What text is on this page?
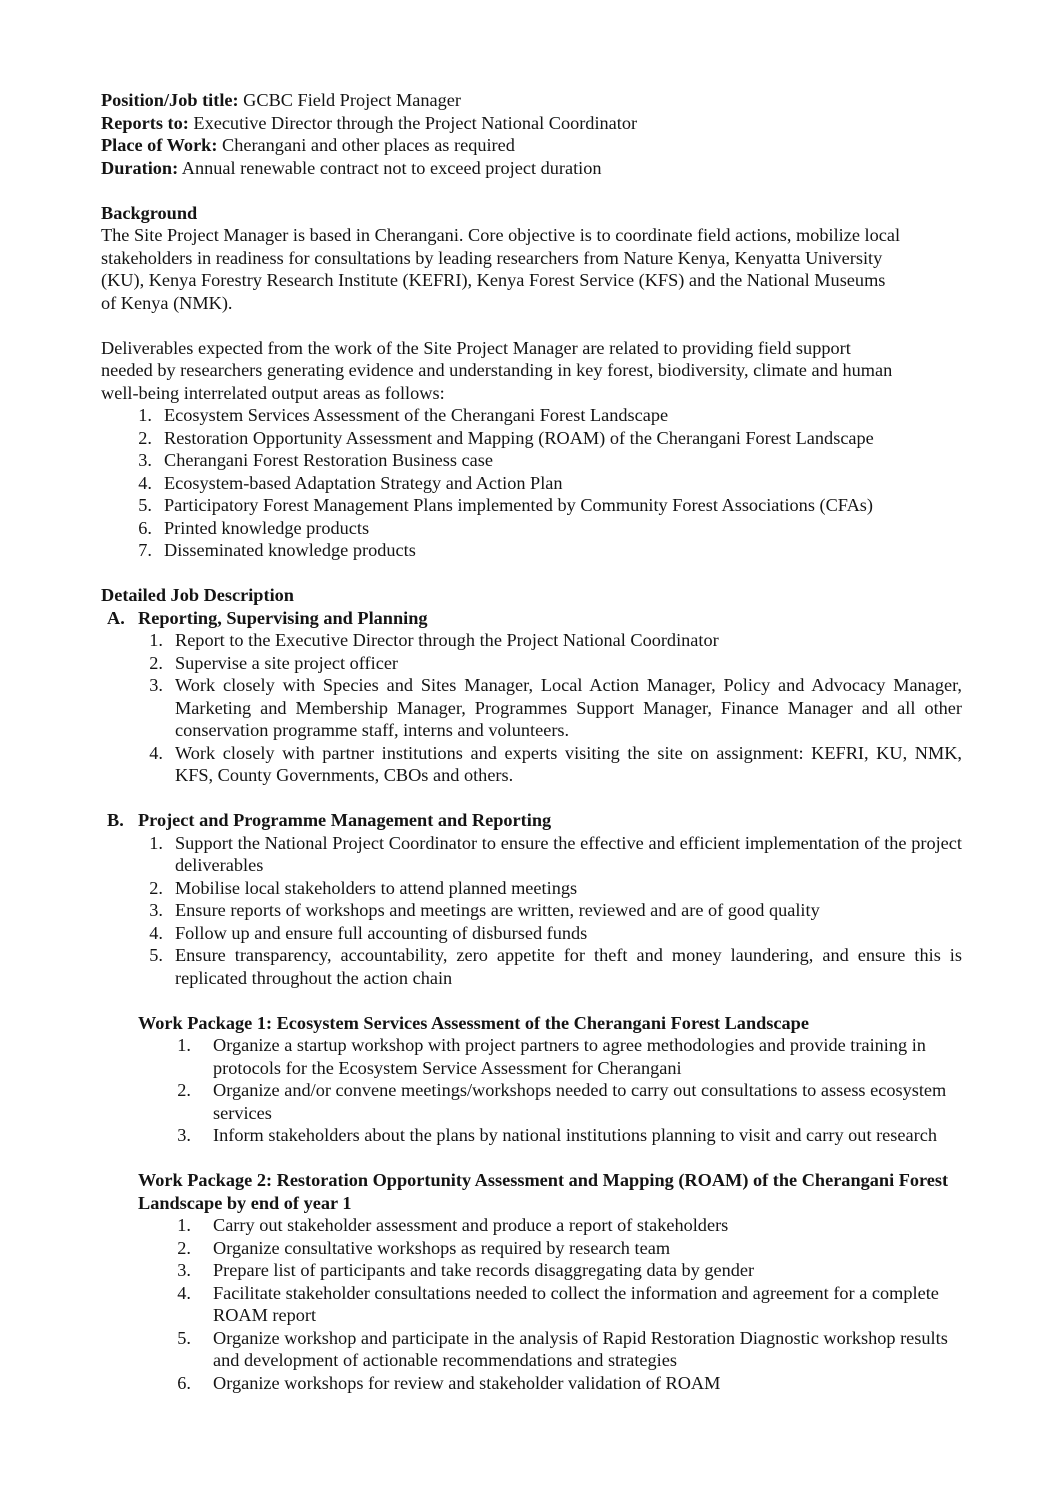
Position/Job title: GCBC Field Project Manager

Reports to: Executive Director through the Project National Coordinator

Place of Work: Cherangani and other places as required

Duration: Annual renewable contract not to exceed project duration

Background

The Site Project Manager is based in Cherangani. Core objective is to coordinate field actions, mobilize local

stakeholders in readiness for consultations by leading researchers from Nature Kenya, Kenyatta University

(KU), Kenya Forestry Research Institute (KEFRI), Kenya Forest Service (KFS) and the National Museums

of Kenya (NMK).

Deliverables expected from the work of the Site Project Manager are related to providing field support

needed by researchers generating evidence and understanding in key forest, biodiversity, climate and human

well-being interrelated output areas as follows:

1. Ecosystem Services Assessment of the Cherangani Forest Landscape
2. Restoration Opportunity Assessment and Mapping (ROAM) of the Cherangani Forest Landscape
3. Cherangani Forest Restoration Business case
4. Ecosystem-based Adaptation Strategy and Action Plan
5. Participatory Forest Management Plans implemented by Community Forest Associations (CFAs)
6. Printed knowledge products
7. Disseminated knowledge products

Detailed Job Description

A. Reporting, Supervising and Planning

1. Report to the Executive Director through the Project National Coordinator
2. Supervise a site project officer
3. Work closely with Species and Sites Manager, Local Action Manager, Policy and Advocacy Manager, Marketing and Membership Manager, Programmes Support Manager, Finance Manager and all other conservation programme staff, interns and volunteers.
4. Work closely with partner institutions and experts visiting the site on assignment: KEFRI, KU, NMK, KFS, County Governments, CBOs and others.

B. Project and Programme Management and Reporting

1. Support the National Project Coordinator to ensure the effective and efficient implementation of the project deliverables
2. Mobilise local stakeholders to attend planned meetings
3. Ensure reports of workshops and meetings are written, reviewed and are of good quality
4. Follow up and ensure full accounting of disbursed funds
5. Ensure transparency, accountability, zero appetite for theft and money laundering, and ensure this is replicated throughout the action chain

Work Package 1: Ecosystem Services Assessment of the Cherangani Forest Landscape

1. Organize a startup workshop with project partners to agree methodologies and provide training in protocols for the Ecosystem Service Assessment for Cherangani
2. Organize and/or convene meetings/workshops needed to carry out consultations to assess ecosystem services
3. Inform stakeholders about the plans by national institutions planning to visit and carry out research

Work Package 2: Restoration Opportunity Assessment and Mapping (ROAM) of the Cherangani Forest Landscape by end of year 1

1. Carry out stakeholder assessment and produce a report of stakeholders
2. Organize consultative workshops as required by research team
3. Prepare list of participants and take records disaggregating data by gender
4. Facilitate stakeholder consultations needed to collect the information and agreement for a complete ROAM report
5. Organize workshop and participate in the analysis of Rapid Restoration Diagnostic workshop results and development of actionable recommendations and strategies
6. Organize workshops for review and stakeholder validation of ROAM
